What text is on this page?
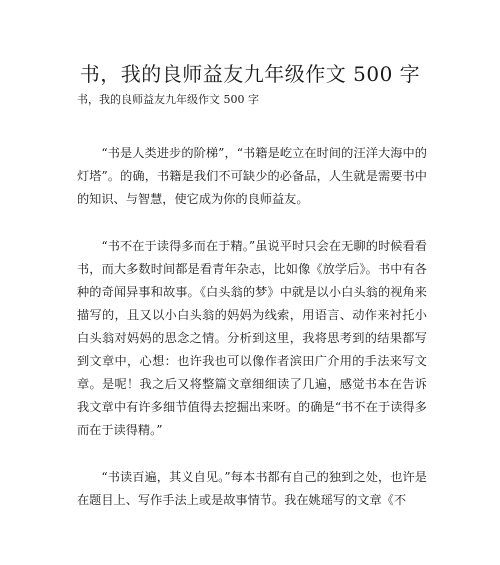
书，我的良师益友九年级作文 500 字

书，我的良师益友九年级作文 500 字

“书是人类进步的阶梯”，“书籍是屹立在时间的汪洋大海中的灯塔”。的确，书籍是我们不可缺少的必备品，人生就是需要书中的知识、与智慧，使它成为你的良师益友。

“书不在于读得多而在于精。”虽说平时只会在无聊的时候看看书，而大多数时间都是看青年杂志，比如像《放学后》。书中有各种的奇闻异事和故事。《白头翁的梦》中就是以小白头翁的视角来描写的，且又以小白头翁的妈妈为线索，用语言、动作来衬托小白头翁对妈妈的思念之情。分析到这里，我将思考到的结果都写到文章中，心想：也许我也可以像作者滨田广介用的手法来写文章。是呢！我之后又将整篇文章细细读了几遍，感觉书本在告诉我文章中有许多细节值得去挖掘出来呀。的确是“书不在于读得多而在于读得精。”

“书读百遍，其义自见。”每本书都有自己的独到之处，也许是在题目上、写作手法上或是故事情节。我在姚瑶写的文章《不
